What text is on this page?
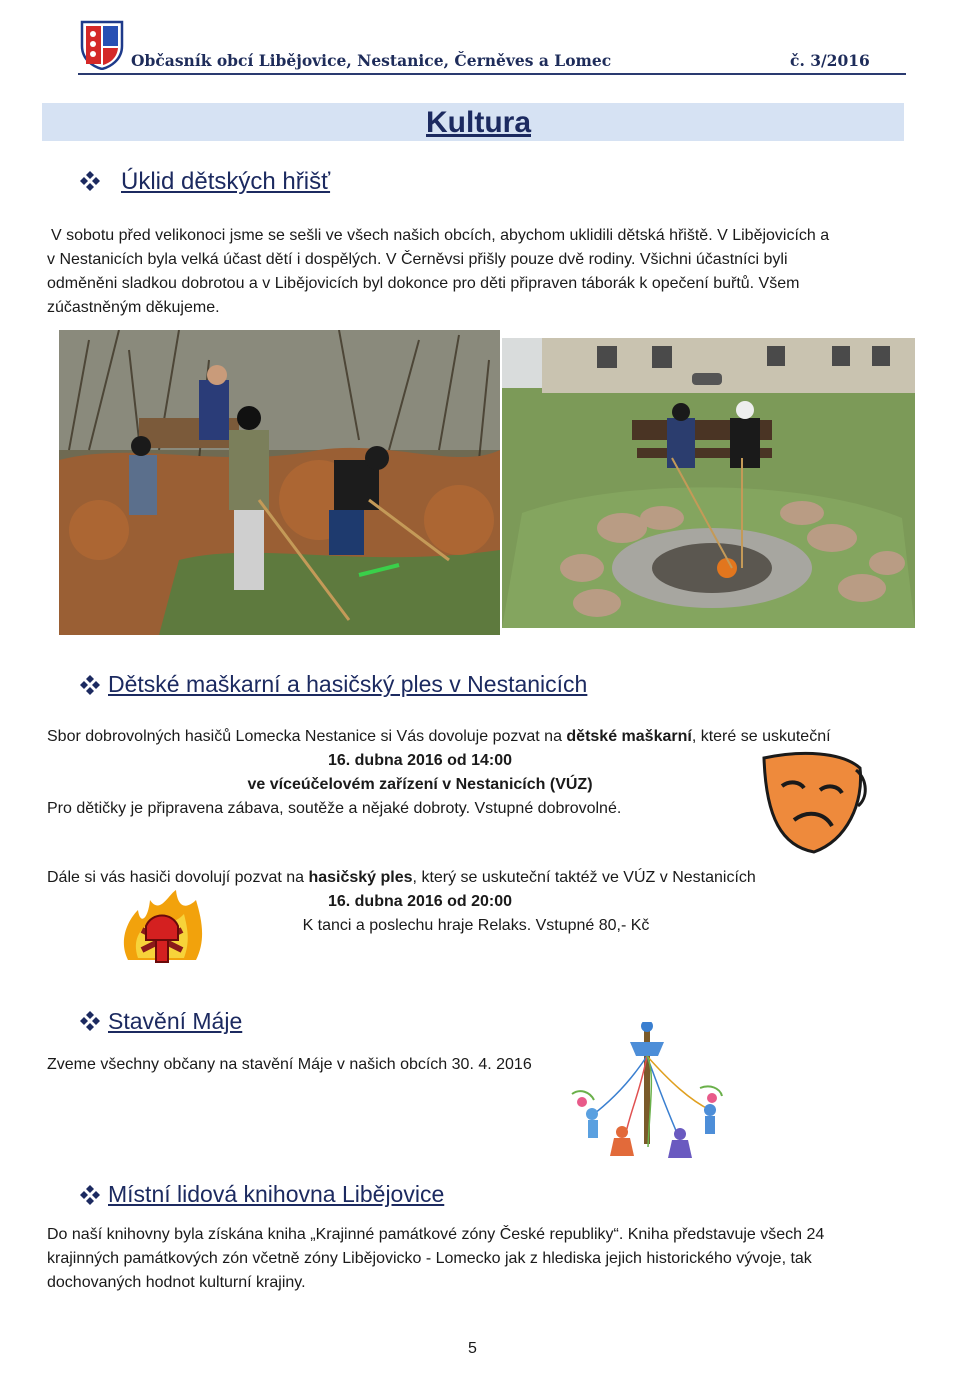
Občasník obcí Libějovice, Nestanice, Černěves a Lomec	č. 3/2016
Kultura
Úklid dětských hřišť
V sobotu před velikonoci jsme se sešli ve všech našich obcích, abychom uklidili dětská hřiště. V Libějovicích a
v Nestanicích byla velká účast dětí i dospělých. V Černěvsi přišly pouze dvě rodiny. Všichni účastníci byli
odměněni sladkou dobrotou a v Libějovicích byl dokonce pro děti připraven táborák k opečení buřtů. Všem
zúčastněným děkujeme.
Dětské maškarní a hasičský ples v Nestanicích
Sbor dobrovolných hasičů Lomecka Nestanice si Vás dovoluje pozvat na dětské maškarní, které se uskuteční
16. dubna 2016 od 14:00
ve víceúčelovém zařízení v Nestanicích (VÚZ)
Pro dětičky je připravena zábava, soutěže a nějaké dobroty. Vstupné dobrovolné.
Dále si vás hasiči dovolují pozvat na hasičský ples, který se uskuteční taktéž ve VÚZ v Nestanicích
16. dubna 2016 od 20:00
K tanci a poslechu hraje Relaks. Vstupné 80,- Kč
Stavění Máje
Zveme všechny občany na stavění Máje v našich obcích 30. 4. 2016
Místní lidová knihovna Libějovice
Do naší knihovny byla získána kniha „Krajinné památkové zóny České republiky“. Kniha představuje všech 24
krajinných památkových zón včetně zóny Libějovicko - Lomecko jak z hlediska jejich historického vývoje, tak
dochovaných hodnot kulturní krajiny.
5
